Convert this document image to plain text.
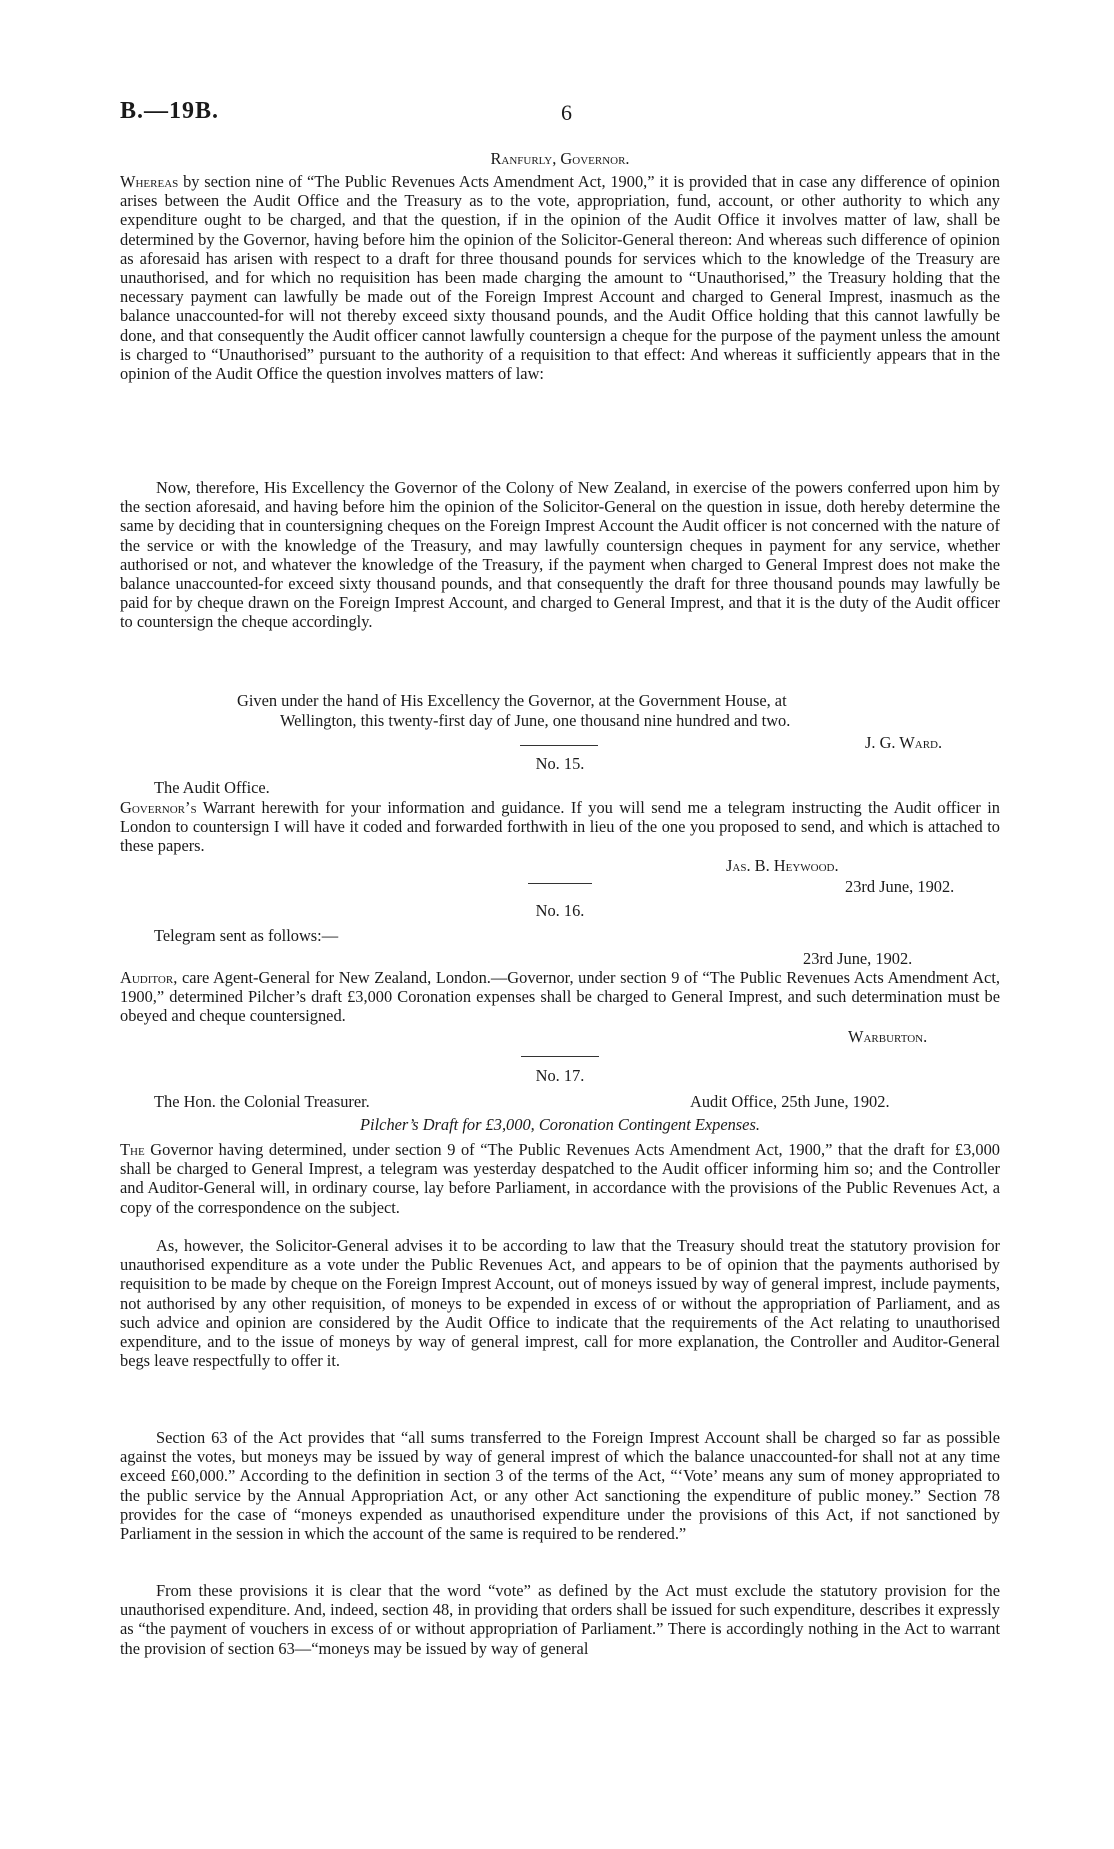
B.—19B.	6
Ranfurly, Governor.

Whereas by section nine of “The Public Revenues Acts Amendment Act, 1900,” it is provided that in case any difference of opinion arises between the Audit Office and the Treasury as to the vote, appropriation, fund, account, or other authority to which any expenditure ought to be charged, and that the question, if in the opinion of the Audit Office it involves matter of law, shall be determined by the Governor, having before him the opinion of the Solicitor-General thereon: And whereas such difference of opinion as aforesaid has arisen with respect to a draft for three thousand pounds for services which to the knowledge of the Treasury are unauthorised, and for which no requisition has been made charging the amount to “Unauthorised,” the Treasury holding that the necessary payment can lawfully be made out of the Foreign Imprest Account and charged to General Imprest, inasmuch as the balance unaccounted-for will not thereby exceed sixty thousand pounds, and the Audit Office holding that this cannot lawfully be done, and that consequently the Audit officer cannot lawfully countersign a cheque for the purpose of the payment unless the amount is charged to “Unauthorised” pursuant to the authority of a requisition to that effect: And whereas it sufficiently appears that in the opinion of the Audit Office the question involves matters of law:

Now, therefore, His Excellency the Governor of the Colony of New Zealand, in exercise of the powers conferred upon him by the section aforesaid, and having before him the opinion of the Solicitor-General on the question in issue, doth hereby determine the same by deciding that in countersigning cheques on the Foreign Imprest Account the Audit officer is not concerned with the nature of the service or with the knowledge of the Treasury, and may lawfully countersign cheques in payment for any service, whether authorised or not, and whatever the knowledge of the Treasury, if the payment when charged to General Imprest does not make the balance unaccounted-for exceed sixty thousand pounds, and that consequently the draft for three thousand pounds may lawfully be paid for by cheque drawn on the Foreign Imprest Account, and charged to General Imprest, and that it is the duty of the Audit officer to countersign the cheque accordingly.
Given under the hand of His Excellency the Governor, at the Government House, at
Wellington, this twenty-first day of June, one thousand nine hundred and two.
J. G. Ward.
No. 15.
The Audit Office.

Governor’s Warrant herewith for your information and guidance. If you will send me a telegram instructing the Audit officer in London to countersign I will have it coded and forwarded forthwith in lieu of the one you proposed to send, and which is attached to these papers.

Jas. B. Heywood.
23rd June, 1902.
No. 16.
Telegram sent as follows:—
23rd June, 1902.

Auditor, care Agent-General for New Zealand, London.—Governor, under section 9 of “The Public Revenues Acts Amendment Act, 1900,” determined Pilcher’s draft £3,000 Coronation expenses shall be charged to General Imprest, and such determination must be obeyed and cheque countersigned.

Warburton.
No. 17.
The Hon. the Colonial Treasurer.	Audit Office, 25th June, 1902.
Pilcher’s Draft for £3,000, Coronation Contingent Expenses.

The Governor having determined, under section 9 of “The Public Revenues Acts Amendment Act, 1900,” that the draft for £3,000 shall be charged to General Imprest, a telegram was yesterday despatched to the Audit officer informing him so; and the Controller and Auditor-General will, in ordinary course, lay before Parliament, in accordance with the provisions of the Public Revenues Act, a copy of the correspondence on the subject.

As, however, the Solicitor-General advises it to be according to law that the Treasury should treat the statutory provision for unauthorised expenditure as a vote under the Public Revenues Act, and appears to be of opinion that the payments authorised by requisition to be made by cheque on the Foreign Imprest Account, out of moneys issued by way of general imprest, include payments, not authorised by any other requisition, of moneys to be expended in excess of or without the appropriation of Parliament, and as such advice and opinion are considered by the Audit Office to indicate that the requirements of the Act relating to unauthorised expenditure, and to the issue of moneys by way of general imprest, call for more explanation, the Controller and Auditor-General begs leave respectfully to offer it.
Section 63 of the Act provides that “all sums transferred to the Foreign Imprest Account shall be charged so far as possible against the votes, but moneys may be issued by way of general imprest of which the balance unaccounted-for shall not at any time exceed £60,000.” According to the definition in section 3 of the terms of the Act, “‘Vote’ means any sum of money appropriated to the public service by the Annual Appropriation Act, or any other Act sanctioning the expenditure of public money.” Section 78 provides for the case of “moneys expended as unauthorised expenditure under the provisions of this Act, if not sanctioned by Parliament in the session in which the account of the same is required to be rendered.”
From these provisions it is clear that the word “vote” as defined by the Act must exclude the statutory provision for the unauthorised expenditure. And, indeed, section 48, in providing that orders shall be issued for such expenditure, describes it expressly as “the payment of vouchers in excess of or without appropriation of Parliament.” There is accordingly nothing in the Act to warrant the provision of section 63—“moneys may be issued by way of general
